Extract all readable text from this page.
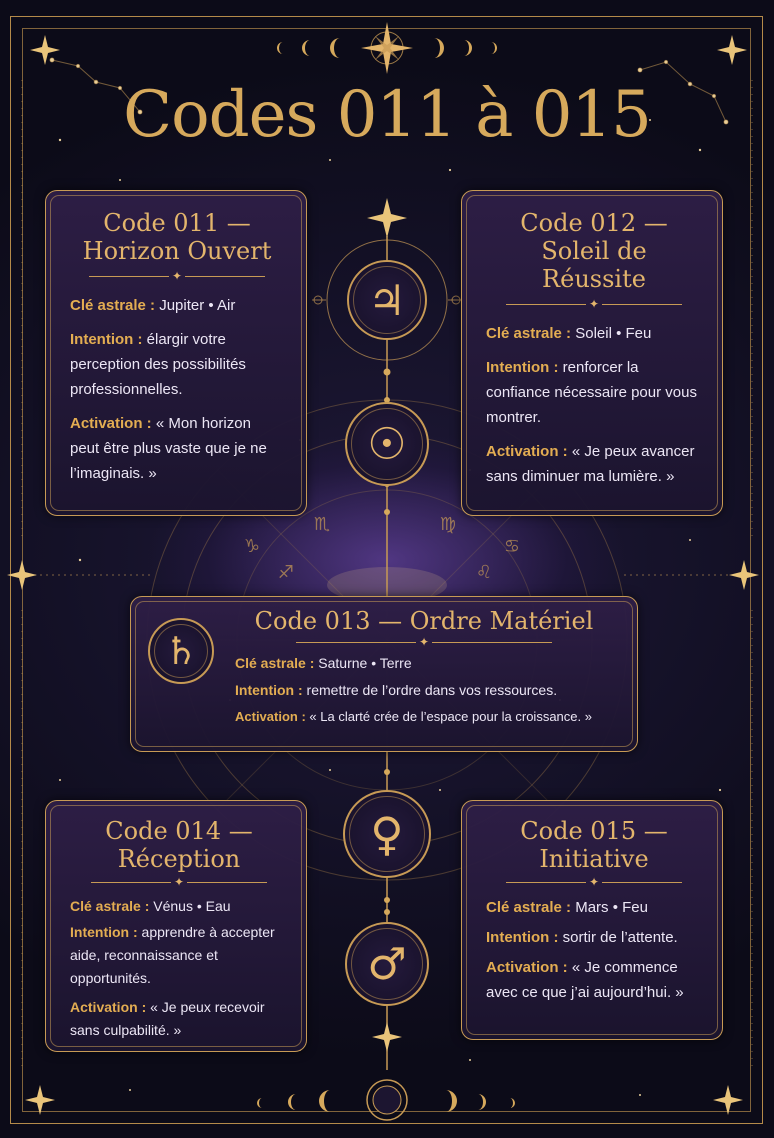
♑
♐
♏	♍
♌
♋
Codes 011 à 015
Code 011 —
Horizon Ouvert
✦
Clé astrale : Jupiter • Air
Intention : élargir votre perception des possibilités professionnelles.
Activation : « Mon horizon peut être plus vaste que je ne l’imaginais. »
Code 012 —
Soleil de Réussite
✦
Clé astrale : Soleil • Feu
Intention : renforcer la confiance nécessaire pour vous montrer.
Activation : « Je peux avancer sans diminuer ma lumière. »
Code 013 — Ordre Matériel
✦
Clé astrale : Saturne • Terre
Intention : remettre de l’ordre dans vos ressources.
Activation : « La clarté crée de l’espace pour la croissance. »
Code 014 —
Réception
✦
Clé astrale : Vénus • Eau
Intention : apprendre à accepter aide, reconnaissance et opportunités.
Activation : « Je peux recevoir sans culpabilité. »
Code 015 —
Initiative
✦
Clé astrale : Mars • Feu
Intention : sortir de l’attente.
Activation : « Je commence avec ce que j’ai aujourd’hui. »
♃
☉
♄
♀
♂
